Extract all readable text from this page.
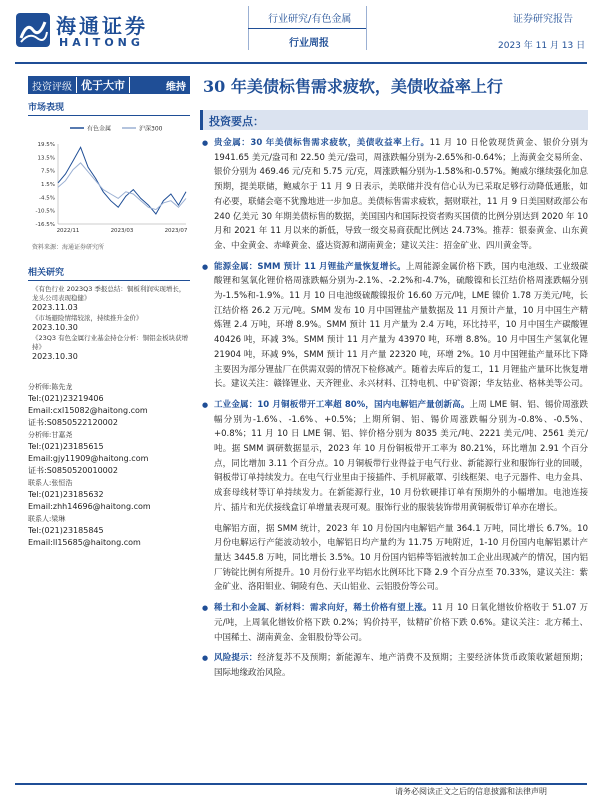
海通证券
HAITONG
行业研究/有色金属
行业周报
证券研究报告
2023 年 11 月 13 日
投资评级 优于大市	维持 30 年美债标售需求疲软，美债收益率上行
市场表现
有色金属	沪深300
19.5%
13.5%
7.5%
1.5%
-4.5%
-10.5%
-16.5%
2022/11	2023/03	2023/07
资料来源：海通证券研究所
相关研究
《有色行业 2023Q3 季报总结：铜板利润实现增长，龙头公司表现稳健》
2023.11.03
《市场避险情绪较浓，持续推升金价》
2023.10.30
《23Q3 有色金属行业基金持仓分析：铜铝金板块获增持》
2023.10.30
分析师:陈先龙
Tel:(021)23219406
Email:cxl15082@haitong.com
证书:S0850522120002
分析师:甘嘉尧
Tel:(021)23185615
Email:gjy11909@haitong.com
证书:S0850520010002
联系人:张恒浩
Tel:(021)23185632
Email:zhh14696@haitong.com
联系人:梁琳
Tel:(021)23185845
Email:ll15685@haitong.com
投资要点：
● 贵金属：30 年美债标售需求疲软，美债收益率上行。11 月 10 日伦敦现货黄金、银价分别为 1941.65 美元/盎司和 22.50 美元/盎司，周涨跌幅分别为-2.65%和-0.64%；上海黄金交易所金、银价分别为 469.46 元/克和 5.75 元/克，周涨跌幅分别为-1.58%和-0.57%。鲍威尔继续强化加息预期，提美联储，鲍威尔于 11 月 9 日表示，美联储并没有信心认为已采取足够行动降低通胀，如有必要，联储会毫不犹豫地进一步加息。美债标售需求疲软，据财联社，11 月 9 日美国财政部公布 240 亿美元 30 年期美债标售的数据，美国国内和国际投资者购买国债的比例分别达到 2020 年 10 月和 2021 年 11 月以来的新低，导致一级交易商获配比例达 24.73%。推荐：银泰黄金、山东黄金、中金黄金、赤峰黄金、盛达资源和湖南黄金；建议关注：招金矿业、四川黄金等。
● 能源金属：SMM 预计 11 月锂盐产量恢复增长。上周能源金属价格下跌，国内电池级、工业级碳酸锂和氢氧化锂价格周涨跌幅分别为-2.1%、-2.2%和-4.7%，硫酸镍和长江结价格周涨跌幅分别为-1.5%和-1.9%。11 月 10 日电池级硫酸镍报价 16.60 万元/吨，LME 镍价 1.78 万美元/吨，长江结价格 26.2 万元/吨。SMM 发布 10 月中国锂盐产量数据及 11 月预计产量，10 月中国生产精炼锂 2.4 万吨，环增 8.9%。SMM 预计 11 月产量为 2.4 万吨，环比持平，10 月中国生产碳酸锂 40426 吨，环减 3%。SMM 预计 11 月产量为 43970 吨，环增 8.8%。10 月中国生产氢氧化锂 21904 吨，环减 9%，SMM 预计 11 月产量 22320 吨，环增 2%。10 月中国锂盐产量环比下降主要因为部分锂盐厂在供需双弱的情况下检修减产。随着去库后的复工，11 月锂盐产量环比恢复增长。建议关注：赣锋锂业、天齐锂业、永兴材料、江特电机、中矿资源；华友钴业、格林美等公司。
● 工业金属：10 月铜板带开工率超 80%，国内电解铝产量创新高。上周 LME 铜、铝、锡价周涨跌幅分别为-1.6%、-1.6%、+0.5%；上期所铜、铝、锡价周涨跌幅分别为-0.8%、-0.5%、+0.8%；11 月 10 日 LME 铜、铝、锌价格分别为 8035 美元/吨、2221 美元/吨、2561 美元/吨。据 SMM 调研数据显示，2023 年 10 月份铜板带开工率为 80.21%，环比增加 2.91 个百分点，同比增加 3.11 个百分点。10 月铜板带行业得益于电气行业、新能源行业和服饰行业的回暖，铜板带订单持续发力。在电气行业里由于接插件、手机屏蔽罩、引线框架、电子元器件、电力金具、成套母线材等订单持续发力。在新能源行业，10 月份软硬排订单有预期外的小幅增加。电池连接片、插片和光伏接线盒订单增量表现可观。服饰行业的服装装饰带用黄铜板带订单亦在增长。
电解铝方面，据 SMM 统计，2023 年 10 月份国内电解铝产量 364.1 万吨，同比增长 6.7%。10 月份电解运行产能波动较小，电解铝日均产量约为 11.75 万吨附近，1-10 月份国内电解铝累计产量达 3445.8 万吨，同比增长 3.5%。10 月份国内铝棒等铝液转加工企业出现减产的情况，国内铝厂铸锭比例有所提升。10 月份行业平均铝水比例环比下降 2.9 个百分点至 70.33%，建议关注：紫金矿业、洛阳钼业、铜陵有色、天山铝业、云铝股份等公司。
● 稀土和小金属、新材料：需求向好，稀土价格有望上涨。11 月 10 日氧化镨钕价格收于 51.07 万元/吨，上周氧化镨钕价格下跌 0.2%；钨价持平，钛精矿价格下跌 0.6%。建议关注：北方稀土、中国稀土、湖南黄金、金钼股份等公司。
● 风险提示：经济复苏不及预期；新能源车、地产消费不及预期；主要经济体货币政策收紧超预期；国际地缘政治风险。
请务必阅读正文之后的信息披露和法律声明
